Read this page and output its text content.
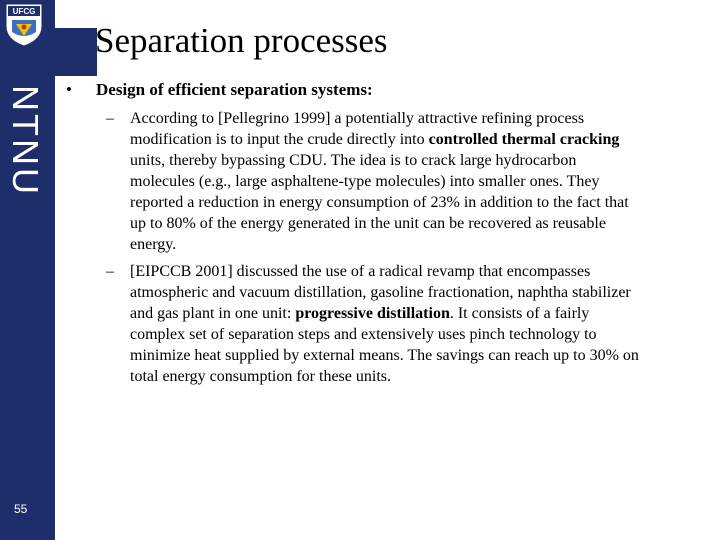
UFCG
NTNU
55
Separation processes
• Design of efficient separation systems:
– According to [Pellegrino 1999] a potentially attractive refining process

modification is to input the crude directly into controlled thermal cracking

units, thereby bypassing CDU. The idea is to crack large hydrocarbon

molecules (e.g., large asphaltene-type molecules) into smaller ones. They

reported a reduction in energy consumption of 23% in addition to the fact that

up to 80% of the energy generated in the unit can be recovered as reusable

energy.

– [EIPCCB 2001] discussed the use of a radical revamp that encompasses

atmospheric and vacuum distillation, gasoline fractionation, naphtha stabilizer

and gas plant in one unit: progressive distillation. It consists of a fairly

complex set of separation steps and extensively uses pinch technology to

minimize heat supplied by external means. The savings can reach up to 30% on

total energy consumption for these units.
